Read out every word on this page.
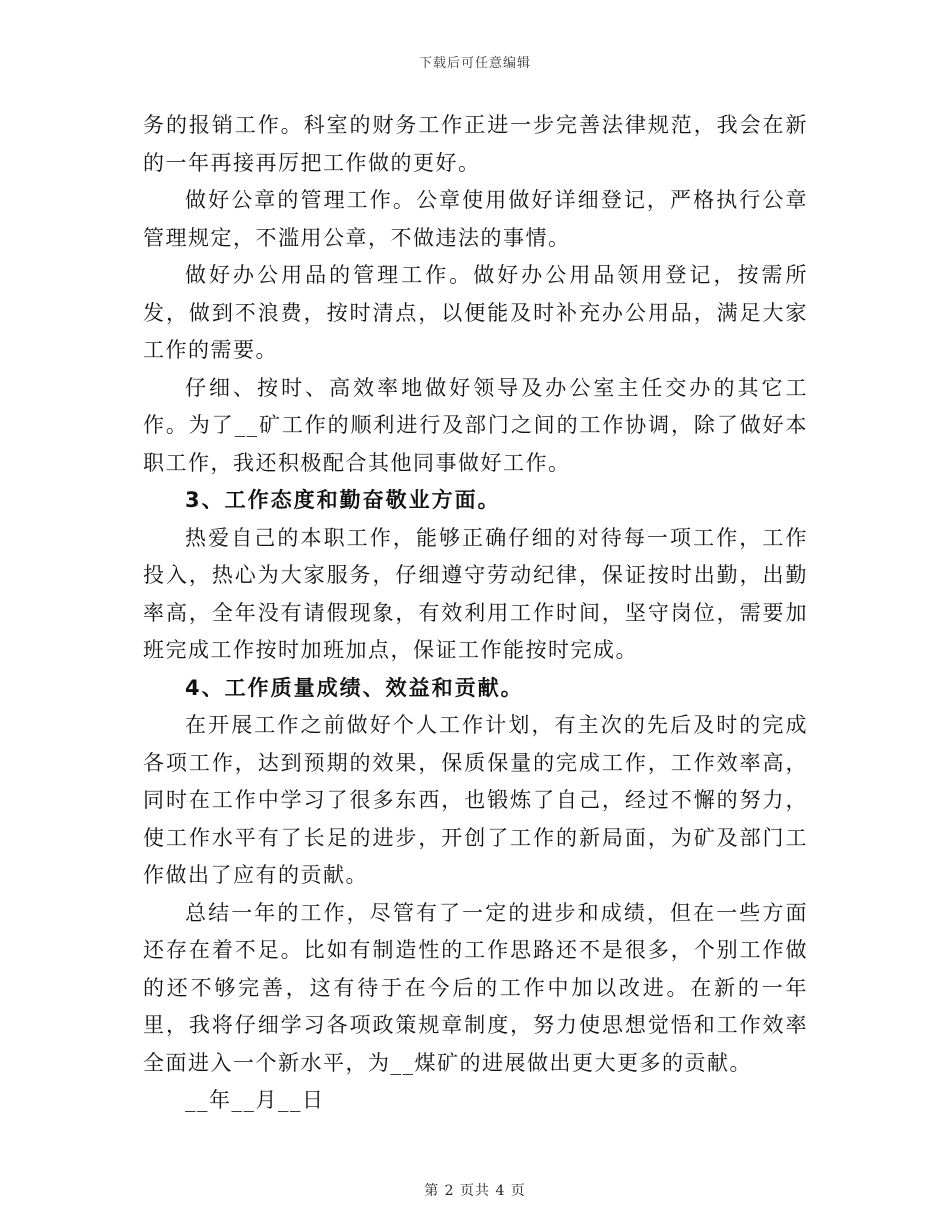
下载后可任意编辑

务的报销工作。科室的财务工作正进一步完善法律规范，我会在新的一年再接再厉把工作做的更好。

做好公章的管理工作。公章使用做好详细登记，严格执行公章管理规定，不滥用公章，不做违法的事情。

做好办公用品的管理工作。做好办公用品领用登记，按需所发，做到不浪费，按时清点，以便能及时补充办公用品，满足大家工作的需要。

仔细、按时、高效率地做好领导及办公室主任交办的其它工作。为了__矿工作的顺利进行及部门之间的工作协调，除了做好本职工作，我还积极配合其他同事做好工作。

3、工作态度和勤奋敬业方面。

热爱自己的本职工作，能够正确仔细的对待每一项工作，工作投入，热心为大家服务，仔细遵守劳动纪律，保证按时出勤，出勤率高，全年没有请假现象，有效利用工作时间，坚守岗位，需要加班完成工作按时加班加点，保证工作能按时完成。

4、工作质量成绩、效益和贡献。

在开展工作之前做好个人工作计划，有主次的先后及时的完成各项工作，达到预期的效果，保质保量的完成工作，工作效率高，同时在工作中学习了很多东西，也锻炼了自己，经过不懈的努力，使工作水平有了长足的进步，开创了工作的新局面，为矿及部门工作做出了应有的贡献。

总结一年的工作，尽管有了一定的进步和成绩，但在一些方面还存在着不足。比如有制造性的工作思路还不是很多，个别工作做的还不够完善，这有待于在今后的工作中加以改进。在新的一年里，我将仔细学习各项政策规章制度，努力使思想觉悟和工作效率全面进入一个新水平，为__煤矿的进展做出更大更多的贡献。

__年__月__日

第 2 页共 4 页
